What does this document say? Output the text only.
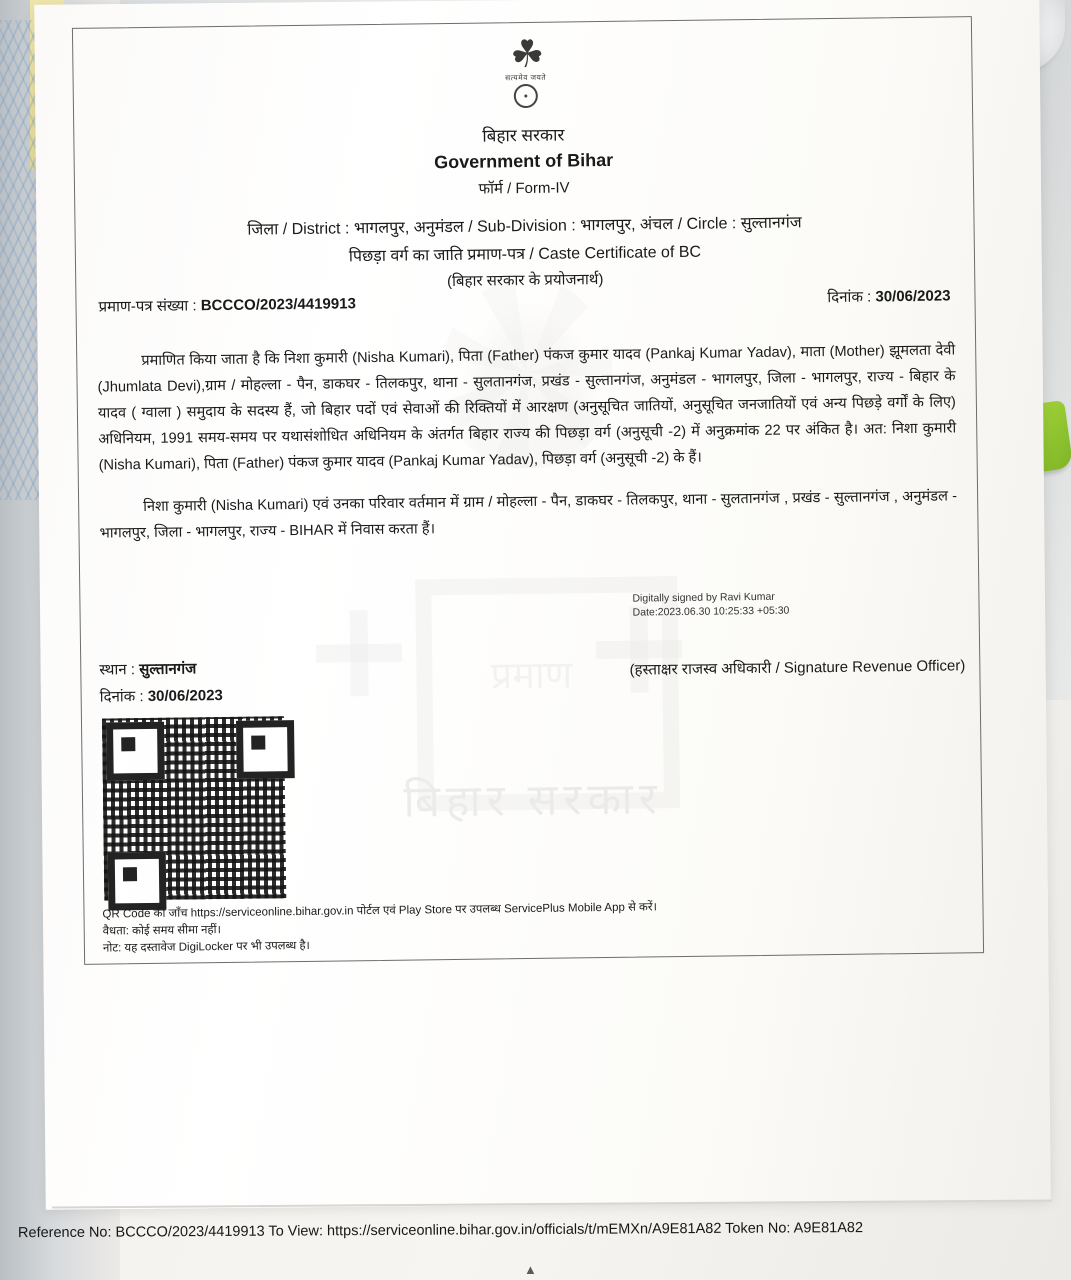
प्रमाण
बिहार सरकार
☘
सत्यमेव जयते
बिहार सरकार
Government of Bihar
फॉर्म / Form-IV
जिला / District : भागलपुर, अनुमंडल / Sub-Division : भागलपुर, अंचल / Circle : सुल्तानगंज
पिछड़ा वर्ग का जाति प्रमाण-पत्र / Caste Certificate of BC
(बिहार सरकार के प्रयोजनार्थ)
प्रमाण-पत्र संख्या : BCCCO/2023/4419913	दिनांक : 30/06/2023

प्रमाणित किया जाता है कि निशा कुमारी (Nisha Kumari), पिता (Father) पंकज कुमार यादव (Pankaj Kumar Yadav), माता (Mother) झूमलता देवी (Jhumlata Devi),ग्राम / मोहल्ला - पैन, डाकघर - तिलकपुर, थाना - सुलतानगंज, प्रखंड - सुल्तानगंज, अनुमंडल - भागलपुर, जिला - भागलपुर, राज्य - बिहार के यादव ( ग्वाला ) समुदाय के सदस्य हैं, जो बिहार पदों एवं सेवाओं की रिक्तियों में आरक्षण (अनुसूचित जातियों, अनुसूचित जनजातियों एवं अन्य पिछड़े वर्गों के लिए) अधिनियम, 1991 समय-समय पर यथासंशोधित अधिनियम के अंतर्गत बिहार राज्य की पिछड़ा वर्ग (अनुसूची -2) में अनुक्रमांक 22 पर अंकित है। अत: निशा कुमारी (Nisha Kumari), पिता (Father) पंकज कुमार यादव (Pankaj Kumar Yadav), पिछड़ा वर्ग (अनुसूची -2) के हैं।

निशा कुमारी (Nisha Kumari) एवं उनका परिवार वर्तमान में ग्राम / मोहल्ला - पैन, डाकघर - तिलकपुर, थाना - सुलतानगंज , प्रखंड - सुल्तानगंज , अनुमंडल - भागलपुर, जिला - भागलपुर, राज्य - BIHAR में निवास करता हैं।

Digitally signed by Ravi Kumar
Date:2023.06.30 10:25:33 +05:30
(हस्ताक्षर राजस्व अधिकारी / Signature Revenue Officer)
स्थान : सुल्तानगंज
दिनांक : 30/06/2023
QR Code की जाँच https://serviceonline.bihar.gov.in पोर्टल एवं Play Store पर उपलब्ध ServicePlus Mobile App से करें।
वैधता: कोई समय सीमा नहीं।
नोट: यह दस्तावेज DigiLocker पर भी उपलब्ध है।
Reference No: BCCCO/2023/4419913 To View: https://serviceonline.bihar.gov.in/officials/t/mEMXn/A9E81A82 Token No: A9E81A82
▲
